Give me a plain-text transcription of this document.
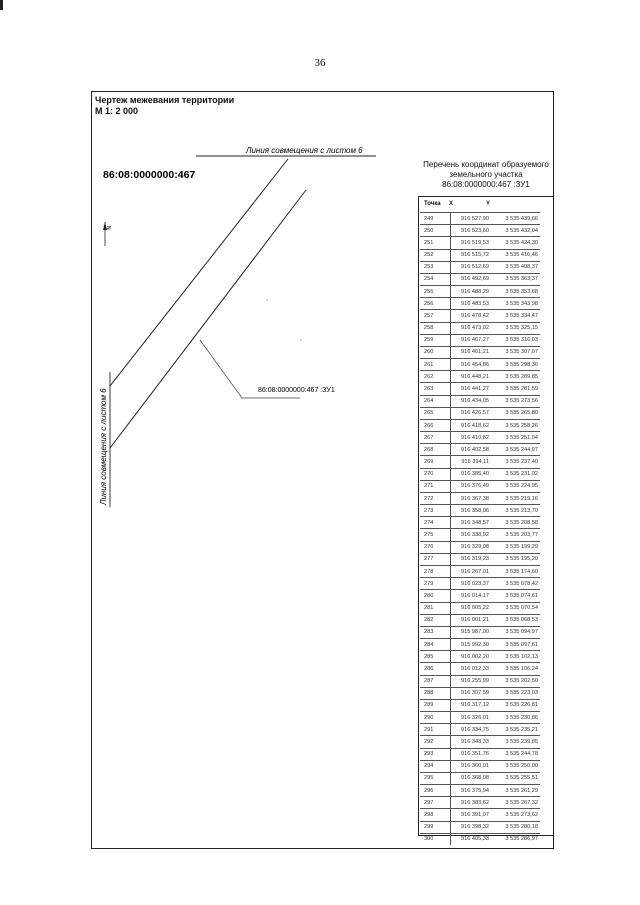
36
Чертеж межевания территории
М 1: 2 000
86:08:0000000:467
Линия совмещения с листом 6
Линия совмещения с листом 6
N
86:08:0000000:467 :ЗУ1
Перечень координат образуемого
земельного участка
86:08:0000000:467 :ЗУ1
Точка X	Y
249	916 527,90	3 535 439,66
250	916 523,60	3 535 432,04
251	916 519,53	3 535 424,30
252	916 515,72	3 535 416,46
253	916 512,69	3 535 408,37
254	916 492,69	3 535 363,37
255	916 488,29	3 535 353,68
256	916 483,53	3 535 343,98
257	916 478,42	3 535 334,47
258	916 473,02	3 535 325,15
259	916 467,27	3 535 316,03
260	916 461,21	3 535 307,07
261	916 454,86	3 535 298,36
262	916 448,21	3 535 289,85
263	916 441,27	3 535 281,59
264	916 434,05	3 535 273,56
265	916 426,57	3 535 265,80
266	916 418,62	3 535 258,26
267	916 410,82	3 535 251,04
268	916 402,58	3 535 244,07
269	916 394,11	3 535 237,40
270	916 385,40	3 535 231,02
271	916 376,49	3 535 224,95
272	916 367,38	3 535 219,16
273	916 358,06	3 535 213,70
274	916 348,57	3 535 208,58
275	916 338,92	3 535 203,77
276	916 329,08	3 535 199,29
277	916 319,23	3 535 195,20
278	916 267,01	3 535 174,60
279	916 023,37	3 535 078,42
280	916 014,17	3 535 074,61
281	916 005,22	3 535 070,54
282	916 001,21	3 535 068,53
283	915 987,00	3 535 094,97
284	915 992,30	3 535 097,61
285	916 002,20	3 535 102,13
286	916 012,33	3 535 106,24
287	916 255,99	3 535 202,50
288	916 307,59	3 535 223,03
289	916 317,12	3 535 226,81
290	916 326,01	3 535 230,86
291	916 334,75	3 535 235,21
292	916 343,33	3 535 239,85
293	916 351,76	3 535 244,78
294	916 360,01	3 535 250,00
295	916 368,08	3 535 255,51
296	916 375,94	3 535 261,29
297	916 383,62	3 535 267,32
298	916 391,07	3 535 273,62
299	916 398,32	3 535 280,18
300	916 405,33	3 535 286,97
